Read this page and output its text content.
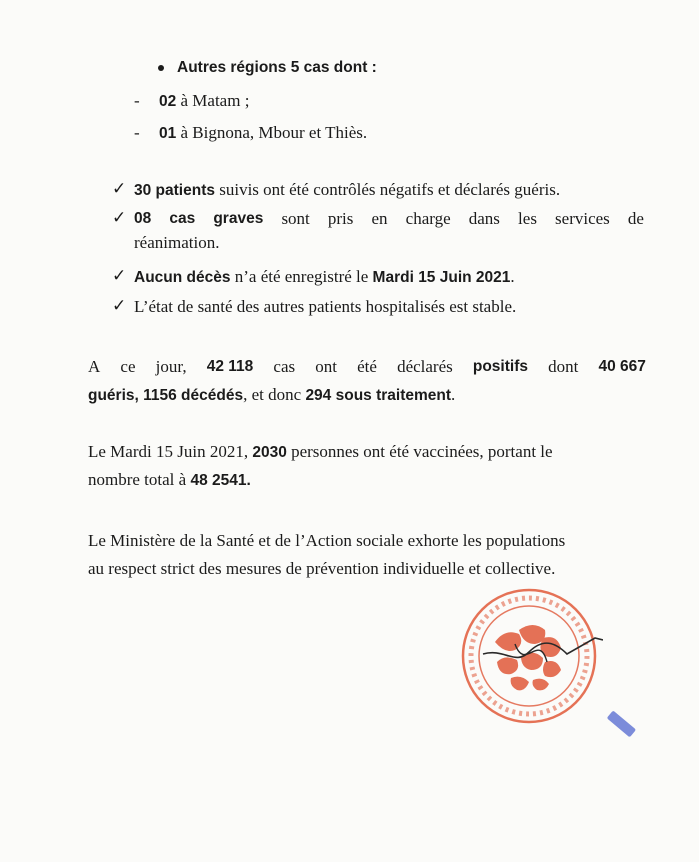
Autres régions 5 cas dont :
- 02 à Matam ;
- 01 à Bignona, Mbour et Thiès.
✓ 30 patients suivis ont été contrôlés négatifs et déclarés guéris.
✓ 08 cas graves sont pris en charge dans les services de
réanimation.
✓ Aucun décès n’a été enregistré le Mardi 15 Juin 2021.
✓ L’état de santé des autres patients hospitalisés est stable.
A ce jour, 42 118 cas ont été déclarés positifs dont 40 667
guéris, 1156 décédés, et donc 294 sous traitement.
Le Mardi 15 Juin 2021, 2030 personnes ont été vaccinées, portant le
nombre total à 48 2541.
Le Ministère de la Santé et de l’Action sociale exhorte les populations
au respect strict des mesures de prévention individuelle et collective.
